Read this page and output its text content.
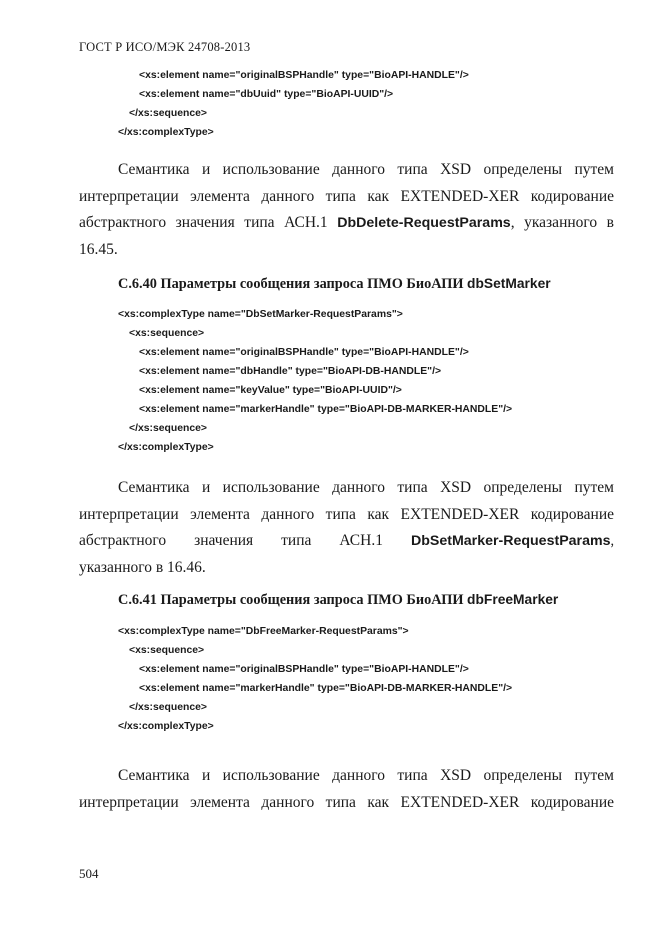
ГОСТ Р ИСО/МЭК 24708-2013
<xs:element name="originalBSPHandle" type="BioAPI-HANDLE"/>
<xs:element name="dbUuid" type="BioAPI-UUID"/>
</xs:sequence>
</xs:complexType>
Семантика и использование данного типа XSD определены путем
интерпретации элемента данного типа как EXTENDED-XER кодирование
абстрактного значения типа АСН.1 DbDelete-RequestParams, указанного в
16.45.
С.6.40 Параметры сообщения запроса ПМО БиоАПИ dbSetMarker
<xs:complexType name="DbSetMarker-RequestParams">
<xs:sequence>
<xs:element name="originalBSPHandle" type="BioAPI-HANDLE"/>
<xs:element name="dbHandle" type="BioAPI-DB-HANDLE"/>
<xs:element name="keyValue" type="BioAPI-UUID"/>
<xs:element name="markerHandle" type="BioAPI-DB-MARKER-HANDLE"/>
</xs:sequence>
</xs:complexType>
Семантика и использование данного типа XSD определены путем
интерпретации элемента данного типа как EXTENDED-XER кодирование
абстрактного значения типа АСН.1 DbSetMarker-RequestParams,
указанного в 16.46.
С.6.41 Параметры сообщения запроса ПМО БиоАПИ dbFreeMarker
<xs:complexType name="DbFreeMarker-RequestParams">
<xs:sequence>
<xs:element name="originalBSPHandle" type="BioAPI-HANDLE"/>
<xs:element name="markerHandle" type="BioAPI-DB-MARKER-HANDLE"/>
</xs:sequence>
</xs:complexType>
Семантика и использование данного типа XSD определены путем
интерпретации элемента данного типа как EXTENDED-XER кодирование
504
